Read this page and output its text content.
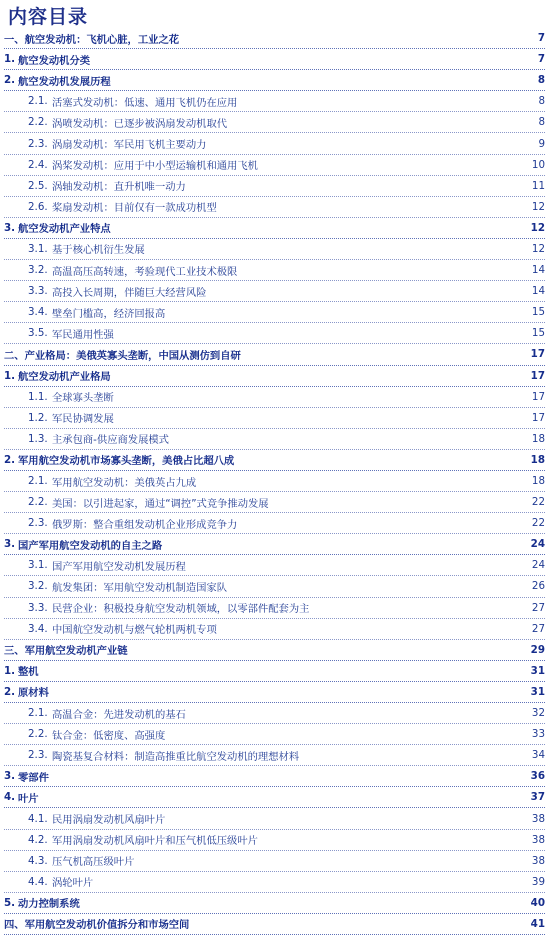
内容目录
一、 航空发动机：飞机心脏，工业之花	7
1. 航空发动机分类	7
2. 航空发动机发展历程	8
2.1. 活塞式发动机：低速、通用飞机仍在应用	8
2.2. 涡喷发动机：已逐步被涡扇发动机取代	8
2.3. 涡扇发动机：军民用飞机主要动力	9
2.4. 涡桨发动机：应用于中小型运输机和通用飞机	10
2.5. 涡轴发动机：直升机唯一动力	11
2.6. 桨扇发动机：目前仅有一款成功机型	12
3. 航空发动机产业特点	12
3.1. 基于核心机衍生发展	12
3.2. 高温高压高转速，考验现代工业技术极限	14
3.3. 高投入长周期，伴随巨大经营风险	14
3.4. 壁垒门槛高，经济回报高	15
3.5. 军民通用性强	15
二、 产业格局：美俄英寡头垄断，中国从测仿到自研	17
1. 航空发动机产业格局	17
1.1. 全球寡头垄断	17
1.2. 军民协调发展	17
1.3. 主承包商-供应商发展模式	18
2. 军用航空发动机市场寡头垄断，美俄占比超八成	18
2.1. 军用航空发动机：美俄英占九成	18
2.2. 美国：以引进起家，通过“调控”式竞争推动发展	22
2.3. 俄罗斯：整合重组发动机企业形成竞争力	22
3. 国产军用航空发动机的自主之路	24
3.1. 国产军用航空发动机发展历程	24
3.2. 航发集团：军用航空发动机制造国家队	26
3.3. 民营企业：积极投身航空发动机领域，以零部件配套为主	27
3.4. 中国航空发动机与燃气轮机两机专项	27
三、 军用航空发动机产业链	29
1. 整机	31
2. 原材料	31
2.1. 高温合金：先进发动机的基石	32
2.2. 钛合金：低密度、高强度	33
2.3. 陶瓷基复合材料：制造高推重比航空发动机的理想材料	34
3. 零部件	36
4. 叶片	37
4.1. 民用涡扇发动机风扇叶片	38
4.2. 军用涡扇发动机风扇叶片和压气机低压级叶片	38
4.3. 压气机高压级叶片	38
4.4. 涡轮叶片	39
5. 动力控制系统	40
四、 军用航空发动机价值拆分和市场空间	41
